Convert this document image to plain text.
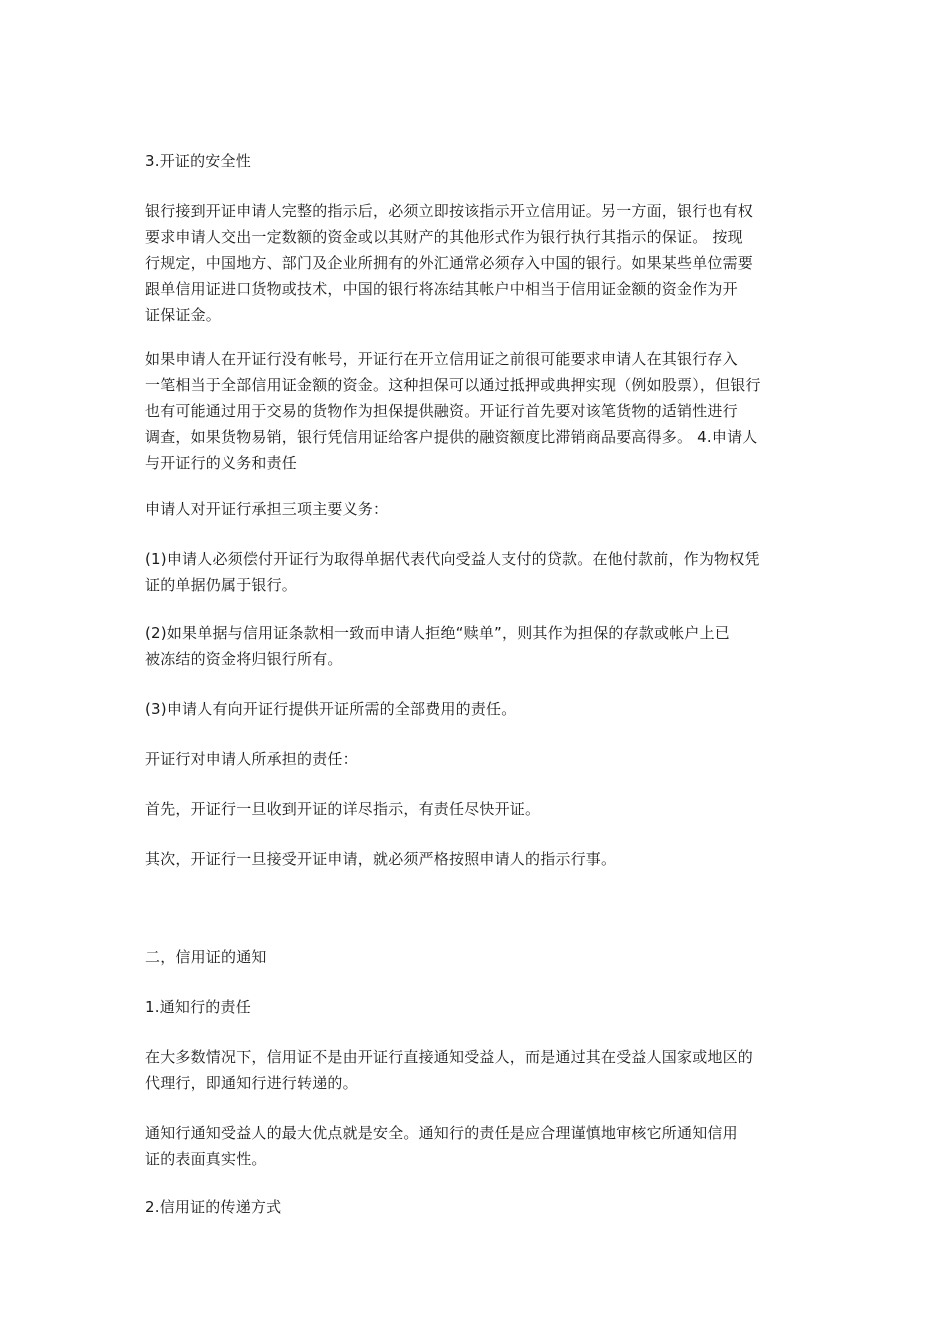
3.开证的安全性
银行接到开证申请人完整的指示后，必须立即按该指示开立信用证。另一方面，银行也有权
要求申请人交出一定数额的资金或以其财产的其他形式作为银行执行其指示的保证。 按现
行规定，中国地方、部门及企业所拥有的外汇通常必须存入中国的银行。如果某些单位需要
跟单信用证进口货物或技术，中国的银行将冻结其帐户中相当于信用证金额的资金作为开
证保证金。
如果申请人在开证行没有帐号，开证行在开立信用证之前很可能要求申请人在其银行存入
一笔相当于全部信用证金额的资金。这种担保可以通过抵押或典押实现（例如股票），但银行
也有可能通过用于交易的货物作为担保提供融资。开证行首先要对该笔货物的适销性进行
调查，如果货物易销，银行凭信用证给客户提供的融资额度比滞销商品要高得多。 4.申请人
与开证行的义务和责任
申请人对开证行承担三项主要义务：
(1)申请人必须偿付开证行为取得单据代表代向受益人支付的贷款。在他付款前，作为物权凭
证的单据仍属于银行。
(2)如果单据与信用证条款相一致而申请人拒绝“赎单”，则其作为担保的存款或帐户上已
被冻结的资金将归银行所有。
(3)申请人有向开证行提供开证所需的全部费用的责任。
开证行对申请人所承担的责任：
首先，开证行一旦收到开证的详尽指示，有责任尽快开证。
其次，开证行一旦接受开证申请，就必须严格按照申请人的指示行事。
二，信用证的通知
1.通知行的责任
在大多数情况下，信用证不是由开证行直接通知受益人，而是通过其在受益人国家或地区的
代理行，即通知行进行转递的。
通知行通知受益人的最大优点就是安全。通知行的责任是应合理谨慎地审核它所通知信用
证的表面真实性。
2.信用证的传递方式
